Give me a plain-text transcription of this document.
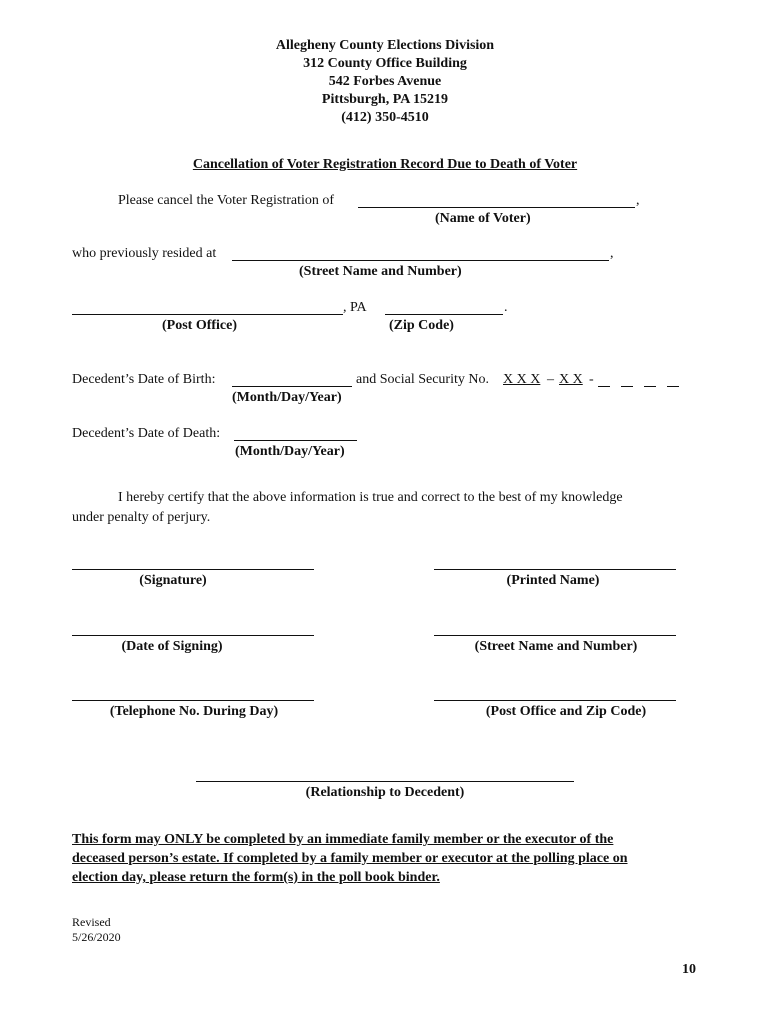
Allegheny County Elections Division
312 County Office Building
542 Forbes Avenue
Pittsburgh, PA 15219
(412) 350-4510
Cancellation of Voter Registration Record Due to Death of Voter
Please cancel the Voter Registration of	,
(Name of Voter)
who previously resided at	,
(Street Name and Number)
, PA	.
(Post Office)	(Zip Code)
Decedent’s Date of Birth:	and Social Security No. X X X – X X -
(Month/Day/Year)
Decedent’s Date of Death:
(Month/Day/Year)
I hereby certify that the above information is true and correct to the best of my knowledge
under penalty of perjury.
(Signature)	(Printed Name)
(Date of Signing)	(Street Name and Number)
(Telephone No. During Day)	(Post Office and Zip Code)
(Relationship to Decedent)
This form may ONLY be completed by an immediate family member or the executor of the
deceased person’s estate. If completed by a family member or executor at the polling place on
election day, please return the form(s) in the poll book binder.
Revised
5/26/2020
10
